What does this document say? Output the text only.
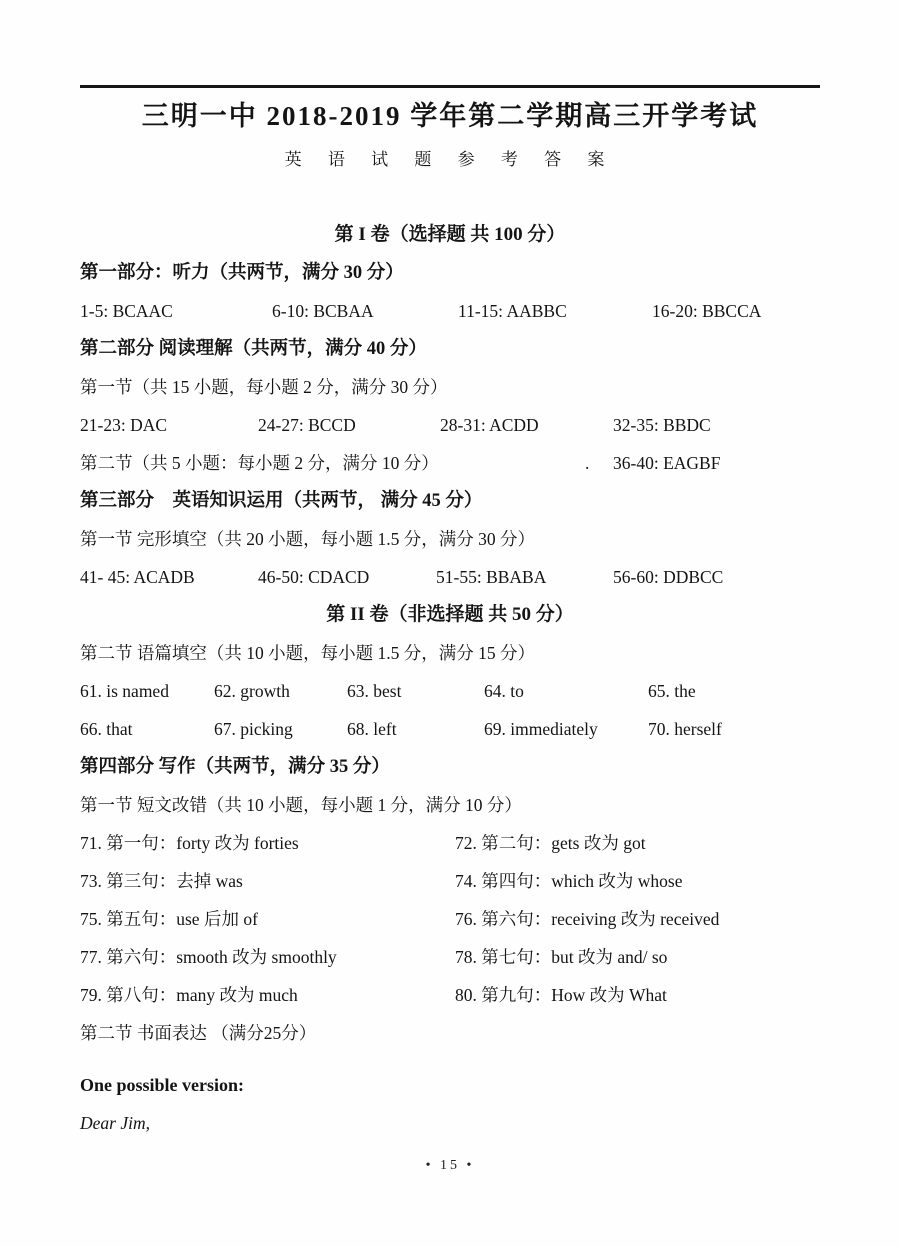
三明一中 2018-2019 学年第二学期高三开学考试
英 语 试 题 参 考 答 案
第 I 卷（选择题 共 100 分）
第一部分：听力（共两节，满分 30 分）
1-5: BCAAC	6-10: BCBAA	11-15: AABBC	16-20: BBCCA
第二部分 阅读理解（共两节，满分 40 分）
第一节（共 15 小题，每小题 2 分，满分 30 分）
21-23: DAC	24-27: BCCD	28-31: ACDD	32-35: BBDC
第二节（共 5 小题：每小题 2 分，满分 10 分）	.	36-40: EAGBF
第三部分　英语知识运用（共两节， 满分 45 分）
第一节 完形填空（共 20 小题，每小题 1.5 分，满分 30 分）
41- 45: ACADB	46-50: CDACD	51-55: BBABA	56-60: DDBCC
第 II 卷（非选择题 共 50 分）
第二节 语篇填空（共 10 小题，每小题 1.5 分，满分 15 分）
61. is named	62. growth	63. best	64. to	65. the
66. that	67. picking	68. left	69. immediately	70. herself
第四部分 写作（共两节，满分 35 分）
第一节 短文改错（共 10 小题，每小题 1 分，满分 10 分）
71. 第一句：forty 改为 forties	72. 第二句：gets 改为 got
73. 第三句：去掉 was	74. 第四句：which 改为 whose
75. 第五句：use 后加 of	76. 第六句：receiving 改为 received
77. 第六句：smooth 改为 smoothly	78. 第七句：but 改为 and/ so
79. 第八句：many 改为 much	80. 第九句：How 改为 What
第二节 书面表达 （满分25分）
One possible version:
Dear Jim,
• 15 •
